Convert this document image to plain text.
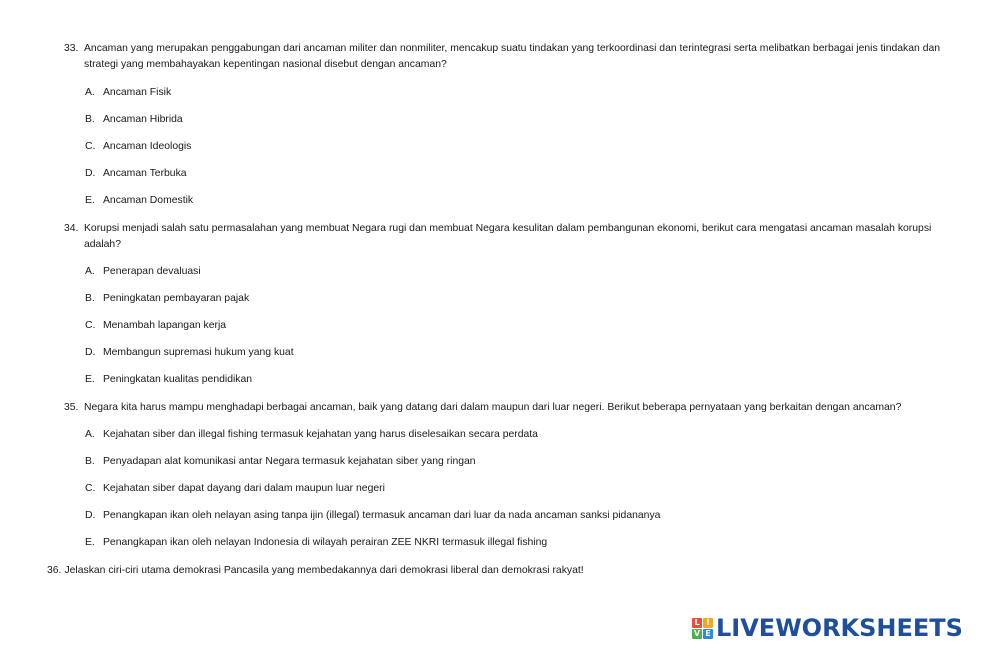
33. Ancaman yang merupakan penggabungan dari ancaman militer dan nonmiliter, mencakup suatu tindakan yang terkoordinasi dan terintegrasi serta melibatkan berbagai jenis tindakan dan strategi yang membahayakan kepentingan nasional disebut dengan ancaman?
A. Ancaman Fisik
B. Ancaman Hibrida
C. Ancaman Ideologis
D. Ancaman Terbuka
E. Ancaman Domestik
34. Korupsi menjadi salah satu permasalahan yang membuat Negara rugi dan membuat Negara kesulitan dalam pembangunan ekonomi, berikut cara mengatasi ancaman masalah korupsi adalah?
A. Penerapan devaluasi
B. Peningkatan pembayaran pajak
C. Menambah lapangan kerja
D. Membangun supremasi hukum yang kuat
E. Peningkatan kualitas pendidikan
35. Negara kita harus mampu menghadapi berbagai ancaman, baik yang datang dari dalam maupun dari luar negeri. Berikut beberapa pernyataan yang berkaitan dengan ancaman?
A. Kejahatan siber dan illegal fishing termasuk kejahatan yang harus diselesaikan secara perdata
B. Penyadapan alat komunikasi antar Negara termasuk kejahatan siber yang ringan
C. Kejahatan siber dapat dayang dari dalam maupun luar negeri
D. Penangkapan ikan oleh nelayan asing tanpa ijin (illegal) termasuk ancaman dari luar da nada ancaman sanksi pidananya
E. Penangkapan ikan oleh nelayan Indonesia di wilayah perairan ZEE NKRI termasuk illegal fishing
36. Jelaskan ciri-ciri utama demokrasi Pancasila yang membedakannya dari demokrasi liberal dan demokrasi rakyat!
L I
V E LIVEWORKSHEETS
